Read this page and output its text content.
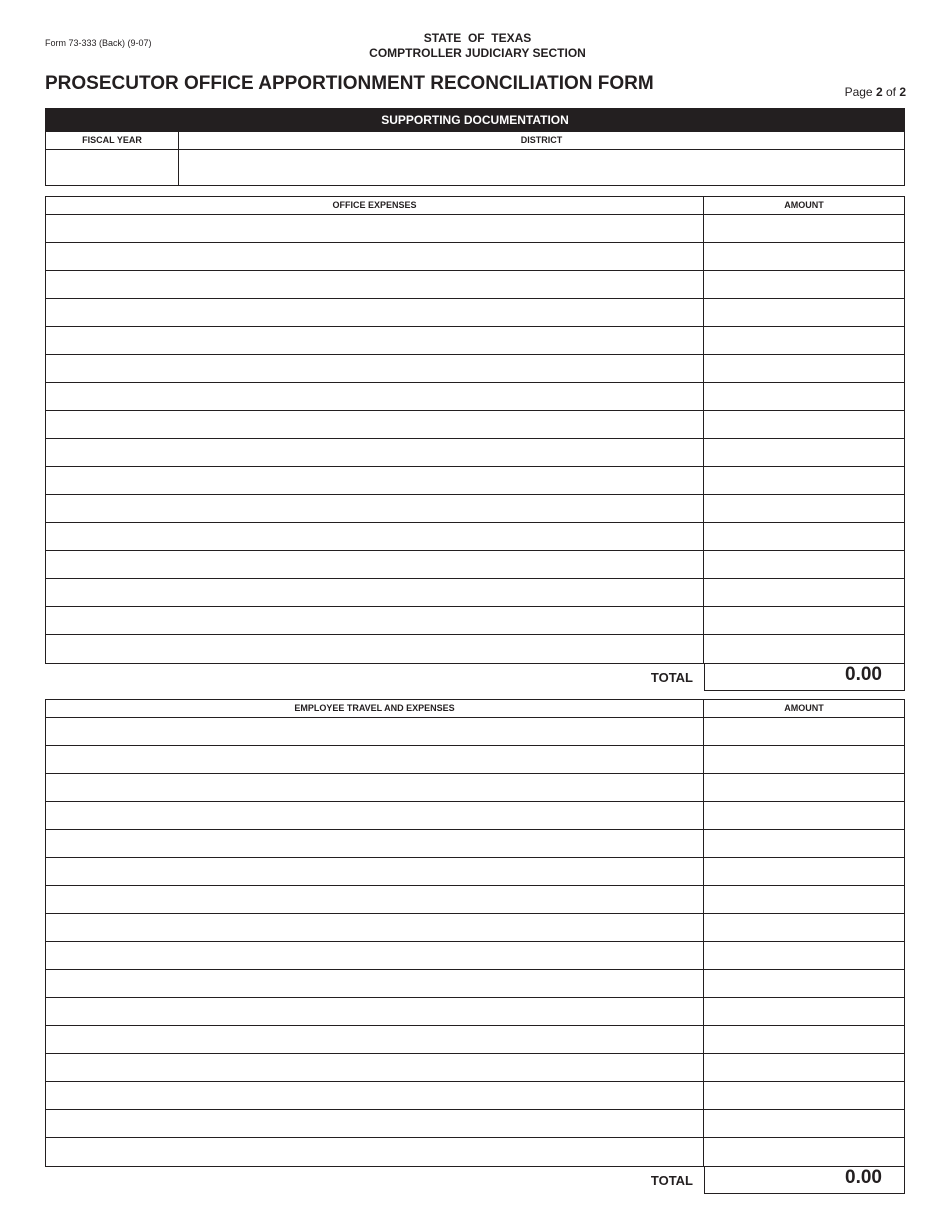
Form 73-333 (Back) (9-07)	STATE  OF  TEXAS
COMPTROLLER JUDICIARY SECTION
PROSECUTOR OFFICE APPORTIONMENT RECONCILIATION FORM	Page 2 of 2
SUPPORTING DOCUMENTATION
FISCAL YEAR	DISTRICT
OFFICE EXPENSES	AMOUNT
TOTAL	0.00
EMPLOYEE TRAVEL AND EXPENSES	AMOUNT
TOTAL	0.00
